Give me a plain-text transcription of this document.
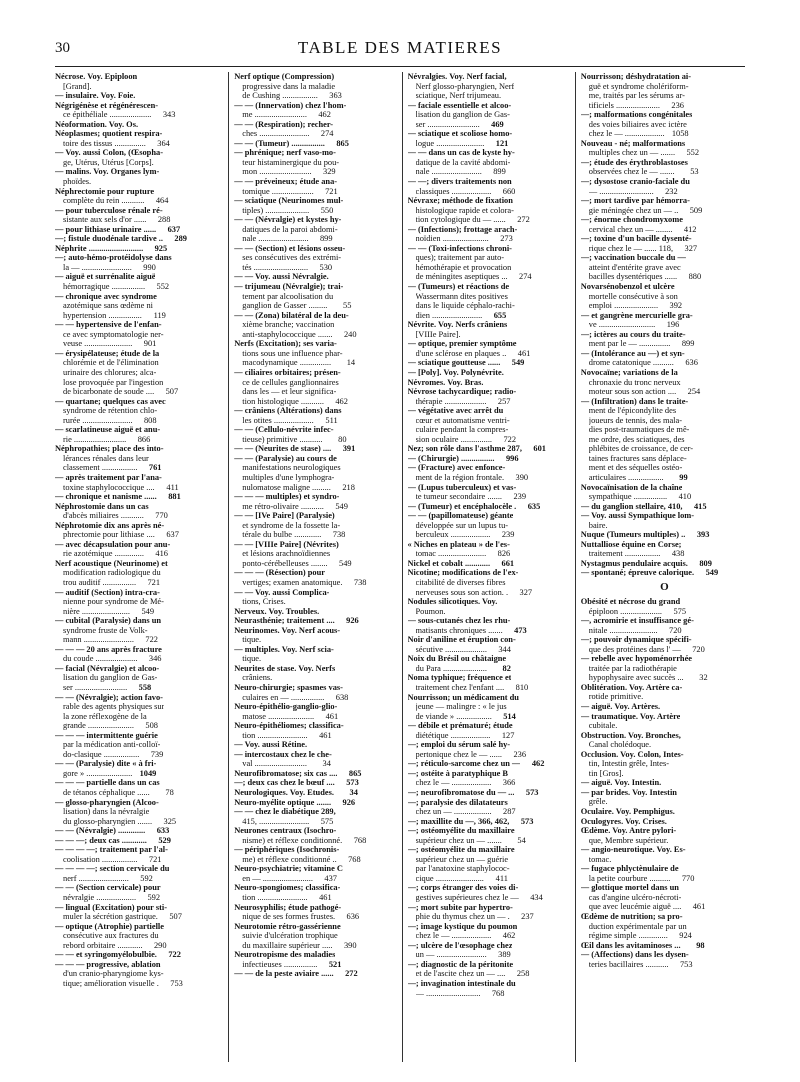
30	TABLE DES MATIERES
Nécrose. Voy. Epiploon
[Grand].
— insulaire. Voy. Foie.
Négrigénèse et régénérescen-
ce épithéliale ....................	343
Néoformation. Voy. Os.
Néoplasmes; quotient respira-
toire des tissus ...............	364
— Voy. aussi Colon, (Œsopha-
ge, Utérus, Utérus [Corps].
— malins. Voy. Organes lym-
phoïdes.
Néphrectomie pour rupture
complète du rein ...........	464
— pour tuberculose rénale ré-
sistante aux sels d'or ......	288
— pour lithiase urinaire ......	637
—; fistule duodénale tardive ..	289
Néphrite ..........................	925
—; auto-hémo-protéidolyse dans
la — ........................	990
— aiguë et surrénalite aiguë
hémorragique ................	552
— chronique avec syndrome
azotémique sans œdème ni
hypertension ................	119
— — hypertensive de l'enfan-
ce avec symptomatologie ner-
veuse .......................	901
— érysipélateuse; étude de la
chlorémie et de l'élimination
urinaire des chlorures; alca-
lose provoquée par l'ingestion
de bicarbonate de soude ....	507
— quartane; quelques cas avec
syndrome de rétention chlo-
rurée ........................	808
— scarlatineuse aiguë et anu-
rie .........................	866
Néphropathies; place des into-
lérances rénales dans leur
classement .................	761
— après traitement par l'ana-
toxine staphylococcique ....	411
— chronique et nanisme ......	881
Néphrostomie dans un cas
d'abcès miliaires ...........	770
Néphrotomie dix ans après né-
phrectomie pour lithiase ....	637
— avec décapsulation pour anu-
rie azotémique ..............	416
Nerf acoustique (Neurinome) et
modification radiologique du
trou auditif ................	721
— auditif (Section) intra-cra-
nienne pour syndrome de Mé-
nière .......................	549
— cubital (Paralysie) dans un
syndrome fruste de Volk-
mann ........................	722
— — — 20 ans après fracture
du coude ....................	346
— facial (Névralgie) et alcoo-
lisation du ganglion de Gas-
ser .........................	558
— — (Névralgie); action favo-
rable des agents physiques sur
la zone réflexogène de la
grande ......................	508
— — — intermittente guérie
par la médication anti-colloï-
do-clasique .................	739
— — (Paralysie) dite « à fri-
gore » ...................... 1049
— — — partielle dans un cas
de tétanos céphalique ......	78
— glosso-pharyngien (Alcoo-
lisation) dans la névralgie
du glosso-pharyngien .......	325
— — (Névralgie) .............	633
— — —; deux cas ............	529
— — — —; traitement par l'al-
coolisation .................	721
— — — —; section cervicale du
nerf ........................	592
— — (Section cervicale) pour
névralgie ...................	592
— lingual (Excitation) pour sti-
muler la sécrétion gastrique.	507
— optique (Atrophie) partielle
consécutive aux fractures du
rebord orbitaire ............	290
— — et syringomyélobulbie.	722
— — — progressive, ablation
d'un cranio-pharyngiome kys-
tique; amélioration visuelle .	753
Nerf optique (Compression)
progressive dans la maladie
de Cushing .................	363
— — (Innervation) chez l'hom-
me .........................	462
— — (Respiration); recher-
ches ........................	274
— — (Tumeur) ................	865
— phrénique; nerf vaso-mo-
teur histaminergique du pou-
mon .........................	329
— — préveineux; étude ana-
tomique ....................	721
— sciatique (Neurinomes mul-
tiples) .....................	550
— — (Névralgie) et kystes hy-
datiques de la paroi abdomi-
nale ........................	899
— — (Section) et lésions osseu-
ses consécutives des extrémi-
tés ..........................	530
— — Voy. aussi Névralgie.
— trijumeau (Névralgie); trai-
tement par alcoolisation du
ganglion de Gasser .........	55
— — (Zona) bilatéral de la deu-
xième branche; vaccination
anti-staphylococcique .......	240
Nerfs (Excitation); ses varia-
tions sous une influence phar-
macodynamique ...............	14
— ciliaires orbitaires; présen-
ce de cellules ganglionnaires
dans les — et leur significa-
tion histologique ...........	462
— crâniens (Altérations) dans
les otites ...................	511
— — (Cellulo-névrite infec-
tieuse) primitive ...........	80
— — (Neurites de stase) ....	391
— — (Paralysie) au cours de
manifestations neurologiques
multiples d'une lymphogra-
nulomatose maligne .........	218
— — — multiples) et syndro-
me rétro-olivaire ...........	549
— — [IVe Paire] (Paralysie)
et syndrome de la fossette la-
térale du bulbe .............	738
— — [VIIIe Paire] (Névrites)
et lésions arachnoïdiennes
ponto-cérébelleuses ........	549
— — — (Résection) pour
vertiges; examen anatomique.	738
— — Voy. aussi Complica-
tions, Crises.
Nerveux. Voy. Troubles.
Neurasthénie; traitement ....	926
Neurinomes. Voy. Nerf acous-
tique.
— multiples. Voy. Nerf scia-
tique.
Neurites de stase. Voy. Nerfs
crâniens.
Neuro-chirurgie; spasmes vas-
culaires en — ................	638
Neuro-épithélio-ganglio-glio-
matose ......................	461
Neuro-épithéliomes; classifica-
tion ........................	461
— Voy. aussi Rétine.
— intercostaux chez le che-
val .........................	34
Neurofibromatose; six cas ....	865
—; deux cas chez le bœuf ....	573
Neurologiques. Voy. Etudes.	34
Neuro-myélite optique .......	926
— — chez le diabétique 289,
415, ........................	575
Neurones centraux (Isochro-
nisme) et réflexe conditionné.	768
— périphériques (Isochronis-
me) et réflexe conditionné ..	768
Neuro-psychiatrie; vitamine C
en — ........................	437
Neuro-spongiomes; classifica-
tion ........................	461
Neurosyphilis; étude pathogé-
nique de ses formes frustes.	636
Neurotomie rétro-gassérienne
suivie d'ulcération trophique
du maxillaire supérieur .....	390
Neurotropisme des maladies
infectieuses ................	521
— — de la peste aviaire ......	272
Névralgies. Voy. Nerf facial,
Nerf glosso-pharyngien, Nerf
sciatique, Nerf trijumeau.
— faciale essentielle et alcoo-
lisation du ganglion de Gas-
ser .........................	469
— sciatique et scoliose homo-
logue .......................	121
— — dans un cas de kyste hy-
datique de la cavité abdomi-
nale ........................	899
— —; divers traitements non
classiques ...................	660
Névraxe; méthode de fixation
histologique rapide et colora-
tion cytologique du — ......	272
— (Infections); frottage arach-
noïdien ......................	273
— — (Toxi-infections chroni-
ques); traitement par auto-
hémothérapie et provocation
de méningites aseptiques ...	274
— (Tumeurs) et réactions de
Wassermann dites positives
dans le liquide céphalo-rachi-
dien ........................	655
Névrite. Voy. Nerfs crâniens
[VIIIe Paire].
— optique, premier symptôme
d'une sclérose en plaques ..	461
— sciatique goutteuse ......	549
— [Poly]. Voy. Polynévrite.
Névromes. Voy. Bras.
Névrose tachycardique; radio-
thérapie ....................	257
— végétative avec arrêt du
cœur et automatisme ventri-
culaire pendant la compres-
sion oculaire ...............	722
Nez; son rôle dans l'asthme 287,	601
— (Chirurgie) ................	996
— (Fracture) avec enfonce-
ment de la région frontale.	390
— (Lupus tuberculeux) et vas-
te tumeur secondaire .......	239
— (Tumeur) et encéphalocèle .	635
— — (papillomateuse) géante
développée sur un lupus tu-
berculeux ...................	239
« Niches en plateau » de l'es-
tomac .......................	826
Nickel et cobalt ............	661
Nicotine; modifications de l'ex-
citabilité de diverses fibres
nerveuses sous son action. .	327
Nodules silicotiques. Voy.
Poumon.
— sous-cutanés chez les rhu-
matisants chroniques .......	473
Noir d'aniline et éruption con-
sécutive ....................	344
Noix du Brésil ou châtaigne
du Para .....................	82
Noma typhique; fréquence et
traitement chez l'enfant ....	810
Nourrisson; un médicament du
jeune — malingre : « le jus
de viande » .................	514
— débile et prématuré; étude
diététique ...................	127
—; emploi du sérum salé hy-
pertonique chez le — ......	236
—; réticulo-sarcome chez un —	462
—; ostéite à paratyphique B
chez le — ...................	366
—; neurofibromatose du — ...	573
—; paralysie des dilatateurs
chez un — ..................	287
—; maxillite du —, 366, 462,	573
—; ostéomyélite du maxillaire
supérieur chez un — .......	54
—; ostéomyélite du maxillaire
supérieur chez un — guérie
par l'anatoxine staphylococ-
cique .......................	411
—; corps étranger des voies di-
gestives supérieures chez le —	434
—; mort subite par hypertro-
phie du thymus chez un — .	237
—; image kystique du poumon
chez le — ...................	462
—; ulcère de l'œsophage chez
un — ........................	389
—; diagnostic de la péritonite
et de l'ascite chez un — ....	258
—; invagination intestinale du
— ..........................	768
Nourrisson; déshydratation ai-
guë et syndrome cholériform-
me, traités par les sérums ar-
tificiels .....................	236
—; malformations congénitales
des voies biliaires avec ictère
chez le — ................... 1058
Nouveau - né; malformations
multiples chez un — .......	552
—; étude des érythroblastoses
observées chez le — .......	53
—; dysostose cranio-faciale du
— ..........................	232
—; mort tardive par hémorra-
gie méningée chez un — ..	509
—; énorme chondromyxome
cervical chez un — ........	412
—; toxine d'un bacille dysenté-
rique chez le — ...... 118,	327
—; vaccination buccale du —
atteint d'entérite grave avec
bacilles dysentériques ......	880
Novarsénobenzol et ulcère
mortelle consécutive à son
emploi .....................	392
— et gangrène mercurielle gra-
ve ...........................	196
—; ictères au cours du traite-
ment par le — ...............	899
— (Intolérance au —) et syn-
drome catatonique ..........	636
Novocaïne; variations de la
chronaxie du tronc nerveux
moteur sous son action ....	254
— (Infiltration) dans le traite-
ment de l'épicondylite des
joueurs de tennis, des mala-
dies post-traumatiques de mê-
me ordre, des sciatiques, des
phlébites de croissance, de cer-
taines fractures sans déplace-
ment et des séquelles ostéo-
articulaires .................	99
Novocaïnisation de la chaîne
sympathique ................	410
— du ganglion stellaire, 410,	415
— Voy. aussi Sympathique lom-
baire.
Nuque (Tumeurs multiples) ..	393
Nuttalliose équine en Corse;
traitement .................	438
Nystagmus pendulaire acquis.	809
— spontané; épreuve calorique.	549
O
Obésité et nécrose du grand
épiploon ....................	575
—, acromirie et insuffisance gé-
nitale .......................	720
—; pouvoir dynamique spécifi-
que des protéines dans l' —	720
— rebelle avec hypoménorrhée
traitée par la radiothérapie
hypophysaire avec succès ...	32
Oblitération. Voy. Artère ca-
rotide primitive.
— aiguë. Voy. Artères.
— traumatique. Voy. Artère
cubitale.
Obstruction. Voy. Bronches,
Canal cholédoque.
Occlusion. Voy. Colon, Intes-
tin, Intestin grêle, Intes-
tin [Gros].
— aiguë. Voy. Intestin.
— par brides. Voy. Intestin
grêle.
Oculaire. Voy. Pemphigus.
Oculogyres. Voy. Crises.
Œdème. Voy. Antre pylori-
que, Membre supérieur.
— angio-neurotique. Voy. Es-
tomac.
— fugace phlyctènulaire de
la petite courbure ..........	770
— glottique mortel dans un
cas d'angine ulcéro-nécroti-
que avec leucémie aiguë ....	461
Œdème de nutrition; sa pro-
duction expérimentale par un
régime simple ..............	924
Œil dans les avitaminoses ...	98
— (Affections) dans les dysen-
teries bacillaires ...........	753
